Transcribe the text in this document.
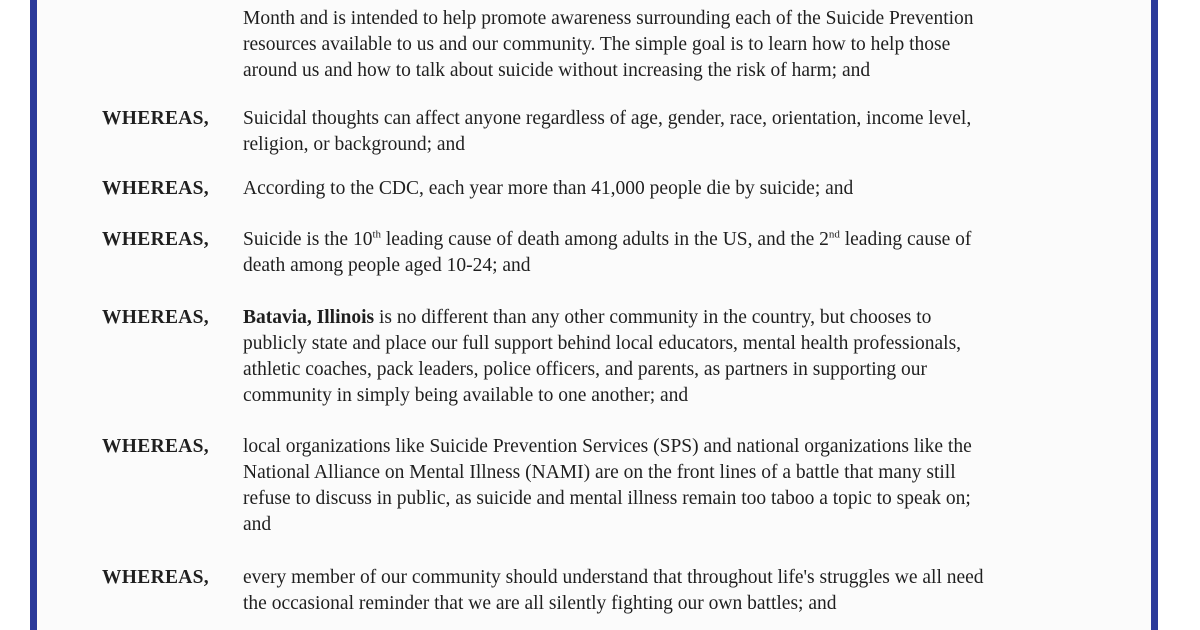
Month and is intended to help promote awareness surrounding each of the Suicide Prevention

resources available to us and our community. The simple goal is to learn how to help those

around us and how to talk about suicide without increasing the risk of harm; and

WHEREAS, Suicidal thoughts can affect anyone regardless of age, gender, race, orientation, income level,

religion, or background; and

WHEREAS, According to the CDC, each year more than 41,000 people die by suicide; and

WHEREAS, Suicide is the 10th leading cause of death among adults in the US, and the 2nd leading cause of

death among people aged 10-24; and

WHEREAS, Batavia, Illinois is no different than any other community in the country, but chooses to

publicly state and place our full support behind local educators, mental health professionals,

athletic coaches, pack leaders, police officers, and parents, as partners in supporting our

community in simply being available to one another; and

WHEREAS, local organizations like Suicide Prevention Services (SPS) and national organizations like the

National Alliance on Mental Illness (NAMI) are on the front lines of a battle that many still

refuse to discuss in public, as suicide and mental illness remain too taboo a topic to speak on;

and

WHEREAS, every member of our community should understand that throughout life's struggles we all need

the occasional reminder that we are all silently fighting our own battles; and
